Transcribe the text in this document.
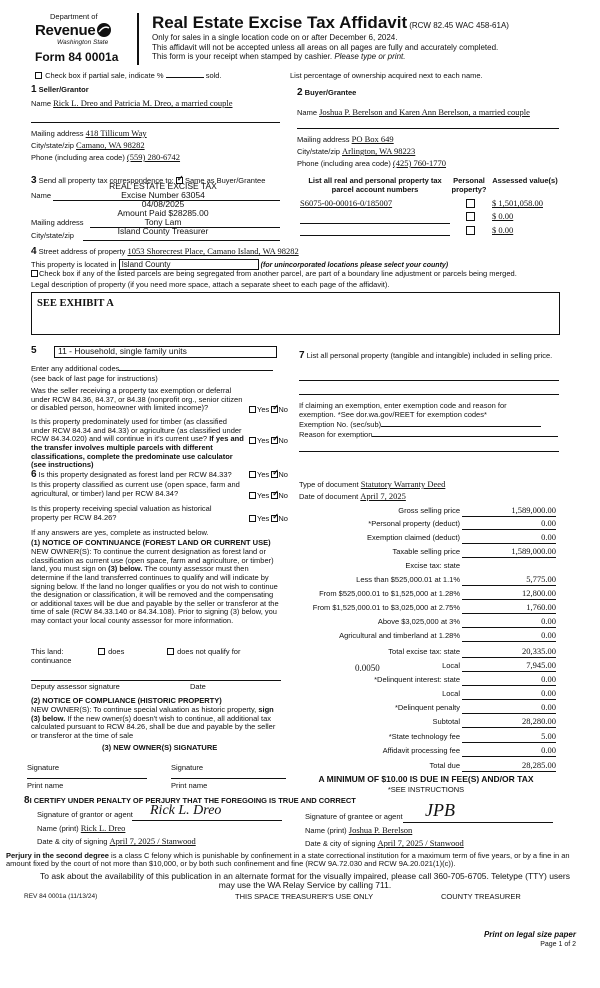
Department of
Revenue
Washington State
Form 84 0001a
Real Estate Excise Tax Affidavit (RCW 82.45 WAC 458-61A)
Only for sales in a single location code on or after December 6, 2024.
This affidavit will not be accepted unless all areas on all pages are fully and accurately completed.
This form is your receipt when stamped by cashier. Please type or print.
Check box if partial sale, indicate %	sold.	List percentage of ownership acquired next to each name.
1 Seller/Grantor
Name Rick L. Dreo and Patricia M. Dreo, a married couple
Mailing address 418 Tillicum Way
City/state/zip Camano, WA 98282
Phone (including area code) (559) 280-6742
2 Buyer/Grantee
Name Joshua P. Berelson and Karen Ann Berelson, a married couple
Mailing address PO Box 649
City/state/zip Arlington, WA 98223
Phone (including area code) (425) 760-1770
3 Send all property tax correspondence to: ✓ Same as Buyer/Grantee
Name
Mailing address
City/state/zip
REAL ESTATE EXCISE TAX
Excise Number 63054
04/08/2025
Amount Paid $28285.00
Tony Lam
Island County Treasurer
List all real and personal property tax parcel account numbers
Personal property?
Assessed value(s)
S6075-00-00016-0/185007	$ 1,501,058.00
$ 0.00
$ 0.00
4 Street address of property 1053 Shorecrest Place, Camano Island, WA 98282
This property is located in Island County	(for unincorporated locations please select your county)
Check box if any of the listed parcels are being segregated from another parcel, are part of a boundary line adjustment or parcels being merged.
Legal description of property (if you need more space, attach a separate sheet to each page of the affidavit).
SEE EXHIBIT A
5	11 - Household, single family units
Enter any additional codes
(see back of last page for instructions)
Was the seller receiving a property tax exemption or deferral under RCW 84.36, 84.37, or 84.38 (nonprofit org., senior citizen or disabled person, homeowner with limited income)?	Yes ✓ No
Is this property predominately used for timber (as classified under RCW 84.34 and 84.33) or agriculture (as classified under RCW 84.34.020) and will continue in it's current use? If yes and the transfer involves multiple parcels with different classifications, complete the predominate use calculator (see instructions)
Yes ✓ No
7 List all personal property (tangible and intangible) included in selling price.
If claiming an exemption, enter exemption code and reason for exemption. *See dor.wa.gov/REET for exemption codes*
Exemption No. (sec/sub)
Reason for exemption
Type of document Statutory Warranty Deed
Date of document April 7, 2025
6 Is this property designated as forest land per RCW 84.33?	Yes ✓ No
Is this property classified as current use (open space, farm and agricultural, or timber) land per RCW 84.34?	Yes ✓ No
Is this property receiving special valuation as historical property per RCW 84.26?	Yes ✓ No
If any answers are yes, complete as instructed below.
(1) NOTICE OF CONTINUANCE (FOREST LAND OR CURRENT USE)
NEW OWNER(S): To continue the current designation as forest land or classification as current use (open space, farm and agriculture, or timber) land, you must sign on (3) below. The county assessor must then determine if the land transferred continues to qualify and will indicate by signing below. If the land no longer qualifies or you do not wish to continue the designation or classification, it will be removed and the compensating or additional taxes will be due and payable by the seller or transferor at the time of sale (RCW 84.33.140 or 84.34.108). Prior to signing (3) below, you may contact your local county assessor for more information.
This land:
continuance
does	does not qualify for
Deputy assessor signature	Date
(2) NOTICE OF COMPLIANCE (HISTORIC PROPERTY)
NEW OWNER(S): To continue special valuation as historic property, sign (3) below. If the new owner(s) doesn't wish to continue, all additional tax calculated pursuant to RCW 84.26, shall be due and payable by the seller or transferor at the time of sale
(3) NEW OWNER(S) SIGNATURE
Signature	Signature
Print name	Print name
Gross selling price	1,589,000.00
*Personal property (deduct)	0.00
Exemption claimed (deduct)	0.00
Taxable selling price	1,589,000.00
Excise tax: state
Less than $525,000.01 at 1.1%	5,775.00
From $525,000.01 to $1,525,000 at 1.28%	12,800.00
From $1,525,000.01 to $3,025,000 at 2.75%	1,760.00
Above $3,025,000 at 3%	0.00
Agricultural and timberland at 1.28%	0.00
Total excise tax: state	20,335.00
Local	7,945.00
*Delinquent interest: state	0.00
Local	0.00
*Delinquent penalty	0.00
Subtotal	28,280.00
*State technology fee	5.00
Affidavit processing fee	0.00
Total due	28,285.00
0.0050
A MINIMUM OF $10.00 IS DUE IN FEE(S) AND/OR TAX
*SEE INSTRUCTIONS
8I CERTIFY UNDER PENALTY OF PERJURY THAT THE FOREGOING IS TRUE AND CORRECT
Signature of grantor or agent Rick L. Dreo
Name (print) Rick L. Dreo
Date & city of signing April 7, 2025 / Stanwood
Signature of grantee or agent JPB
Name (print) Joshua P. Berelson
Date & city of signing April 7, 2025 / Stanwood
Perjury in the second degree is a class C felony which is punishable by confinement in a state correctional institution for a maximum term of five years, or by a fine in an amount fixed by the court of not more than $10,000, or by both such confinement and fine (RCW 9A.72.030 and RCW 9A.20.021(1)(c)).
To ask about the availability of this publication in an alternate format for the visually impaired, please call 360-705-6705. Teletype (TTY) users may use the WA Relay Service by calling 711.
REV 84 0001a (11/13/24)	THIS SPACE TREASURER'S USE ONLY	COUNTY TREASURER
Print on legal size paper
Page 1 of 2
